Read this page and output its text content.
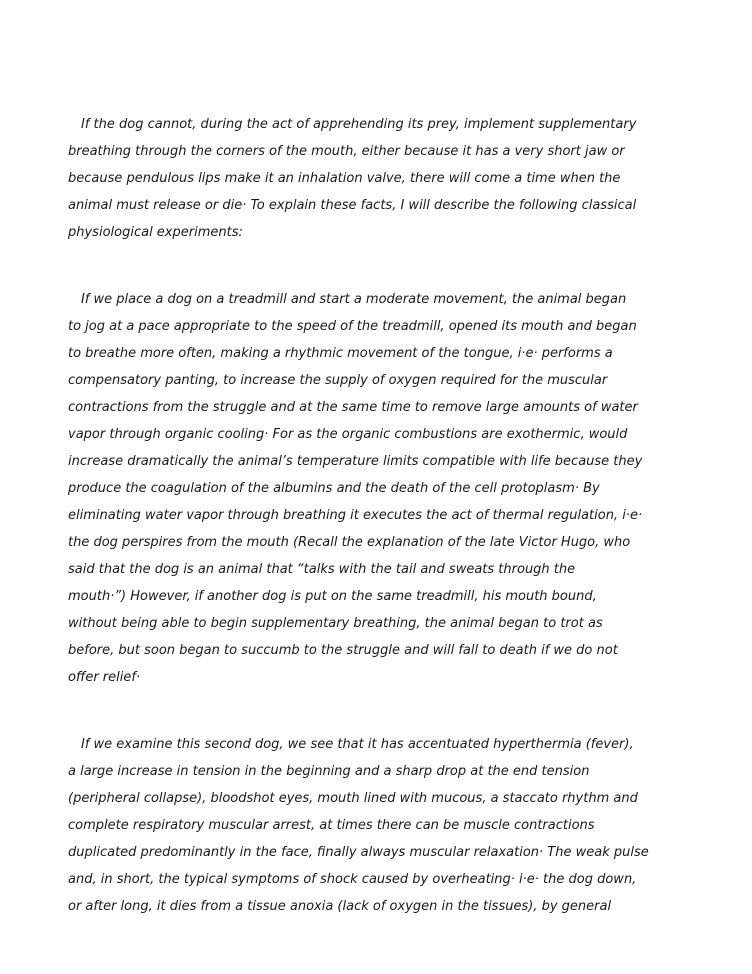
If the dog cannot, during the act of apprehending its prey, implement supplementary
breathing through the corners of the mouth, either because it has a very short jaw or
because pendulous lips make it an inhalation valve, there will come a time when the
animal must release or die· To explain these facts, I will describe the following classical
physiological experiments:
If we place a dog on a treadmill and start a moderate movement, the animal began
to jog at a pace appropriate to the speed of the treadmill, opened its mouth and began
to breathe more often, making a rhythmic movement of the tongue, i·e· performs a
compensatory panting, to increase the supply of oxygen required for the muscular
contractions from the struggle and at the same time to remove large amounts of water
vapor through organic cooling· For as the organic combustions are exothermic, would
increase dramatically the animal’s temperature limits compatible with life because they
produce the coagulation of the albumins and the death of the cell protoplasm· By
eliminating water vapor through breathing it executes the act of thermal regulation, i·e·
the dog perspires from the mouth (Recall the explanation of the late Victor Hugo, who
said that the dog is an animal that “talks with the tail and sweats through the
mouth·”) However, if another dog is put on the same treadmill, his mouth bound,
without being able to begin supplementary breathing, the animal began to trot as
before, but soon began to succumb to the struggle and will fall to death if we do not
offer relief·
If we examine this second dog, we see that it has accentuated hyperthermia (fever),
a large increase in tension in the beginning and a sharp drop at the end tension
(peripheral collapse), bloodshot eyes, mouth lined with mucous, a staccato rhythm and
complete respiratory muscular arrest, at times there can be muscle contractions
duplicated predominantly in the face, finally always muscular relaxation· The weak pulse
and, in short, the typical symptoms of shock caused by overheating· i·e· the dog down,
or after long, it dies from a tissue anoxia (lack of oxygen in the tissues), by general
